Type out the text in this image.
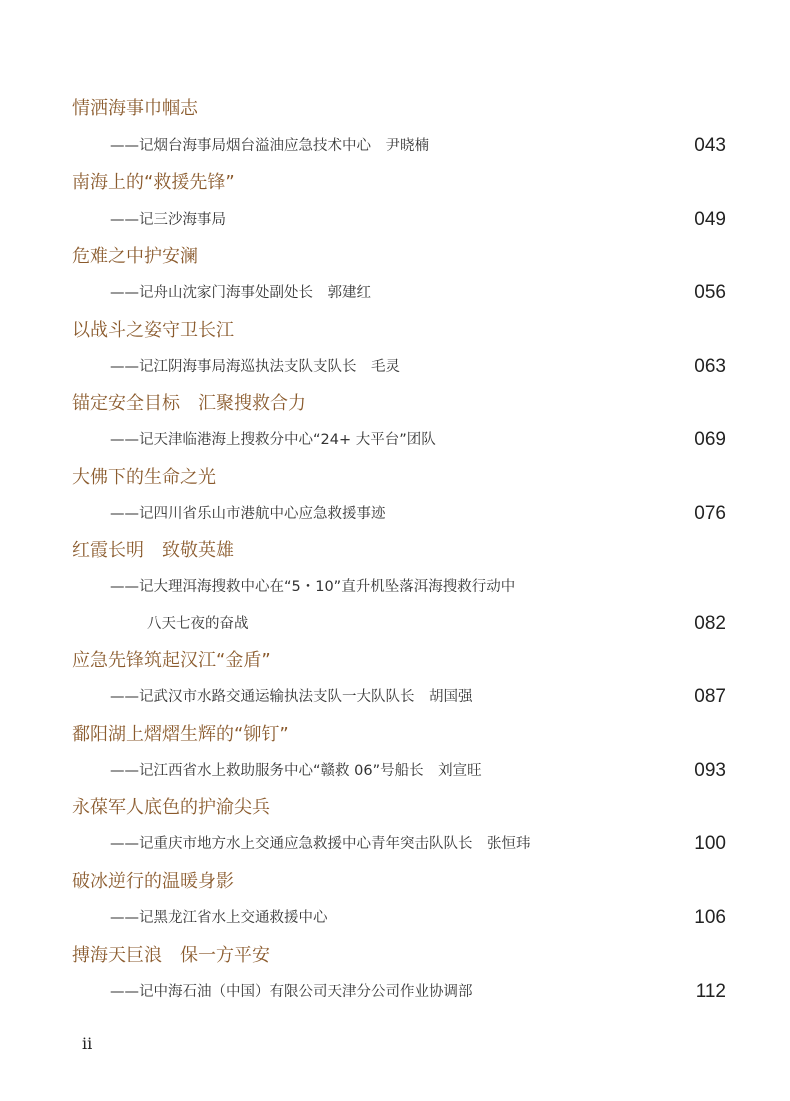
情洒海事巾帼志
——记烟台海事局烟台溢油应急技术中心　尹晓楠	043
南海上的“救援先锋”
——记三沙海事局	049
危难之中护安澜
——记舟山沈家门海事处副处长　郭建红	056
以战斗之姿守卫长江
——记江阴海事局海巡执法支队支队长　毛灵	063
锚定安全目标　汇聚搜救合力
——记天津临港海上搜救分中心“24+ 大平台”团队	069
大佛下的生命之光
——记四川省乐山市港航中心应急救援事迹	076
红霞长明　致敬英雄
——记大理洱海搜救中心在“5・10”直升机坠落洱海搜救行动中
八天七夜的奋战	082
应急先锋筑起汉江“金盾”
——记武汉市水路交通运输执法支队一大队队长　胡国强	087
鄱阳湖上熠熠生辉的“铆钉”
——记江西省水上救助服务中心“赣救 06”号船长　刘宣旺	093
永葆军人底色的护渝尖兵
——记重庆市地方水上交通应急救援中心青年突击队队长　张恒玮	100
破冰逆行的温暖身影
——记黑龙江省水上交通救援中心	106
搏海天巨浪　保一方平安
——记中海石油（中国）有限公司天津分公司作业协调部	112
ii
